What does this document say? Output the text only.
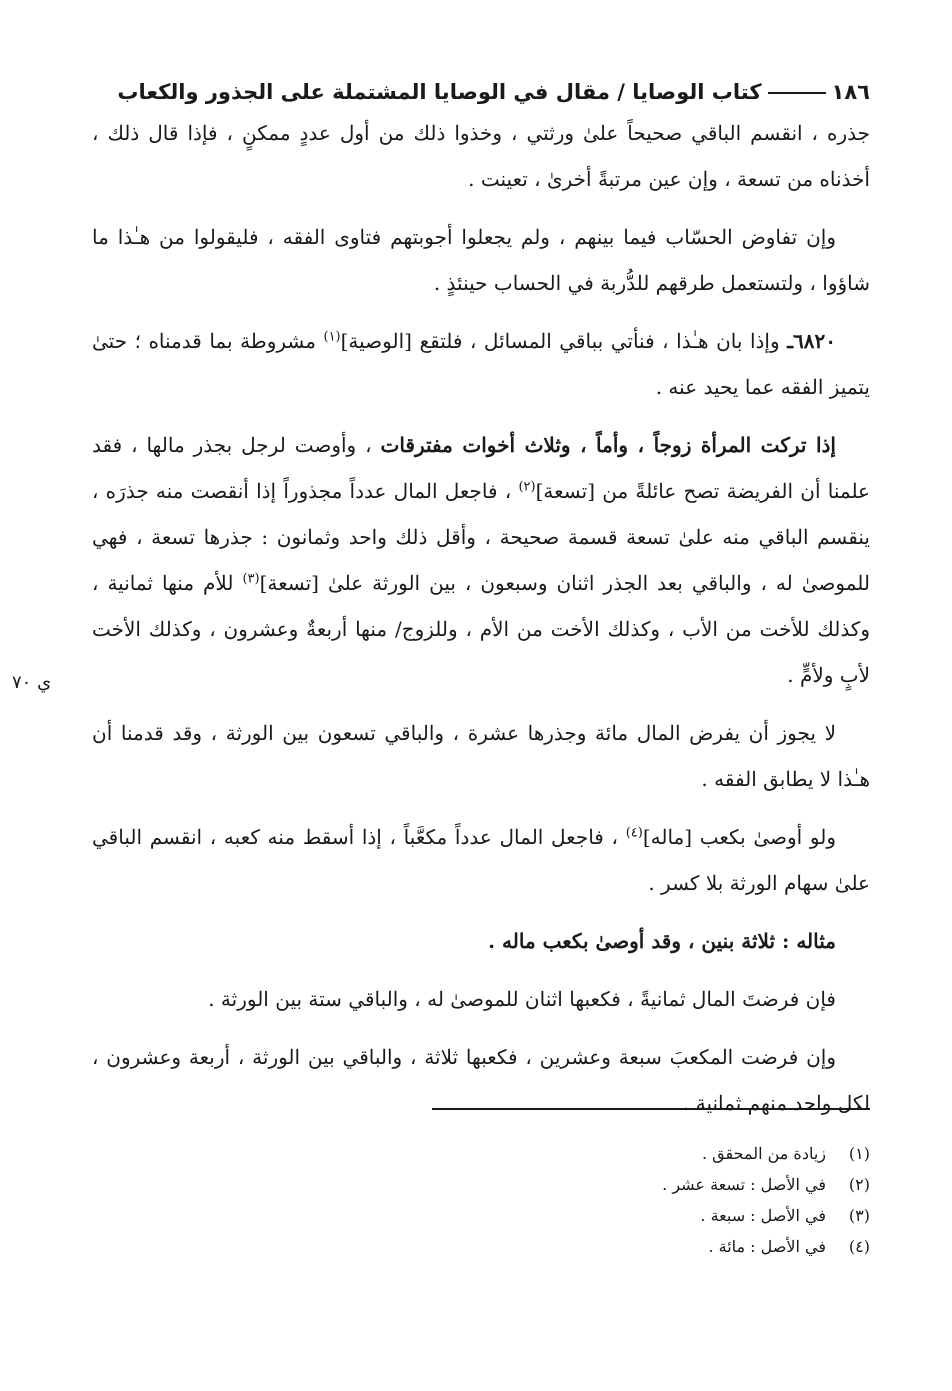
١٨٦كتاب الوصايا / مقال في الوصايا المشتملة على الجذور والكعاب

جذره ، انقسم الباقي صحيحاً علىٰ ورثتي ، وخذوا ذلك من أول عددٍ ممكنٍ ، فإذا قال ذلك ، أخذناه من تسعة ، وإن عين مرتبةً أخرىٰ ، تعينت .

وإن تفاوض الحسّاب فيما بينهم ، ولم يجعلوا أجوبتهم فتاوى الفقه ، فليقولوا من هـٰذا ما شاؤوا ، ولتستعمل طرقهم للدُّربة في الحساب حينئذٍ .

٦٨٢٠ـ وإذا بان هـٰذا ، فنأتي بباقي المسائل ، فلتقع [الوصية]$^{(١)}$ مشروطة بما قدمناه ؛ حتىٰ يتميز الفقه عما يحيد عنه .

إذا تركت المرأة زوجاً ، وأماً ، وثلاث أخوات مفترقات ، وأوصت لرجل بجذر مالها ، فقد علمنا أن الفريضة تصح عائلةً من [تسعة]$^{(٢)}$ ، فاجعل المال عدداً مجذوراً إذا أنقصت منه جذرَه ، ينقسم الباقي منه علىٰ تسعة قسمة صحيحة ، وأقل ذلك واحد وثمانون : جذرها تسعة ، فهي للموصىٰ له ، والباقي بعد الجذر اثنان وسبعون ، بين الورثة علىٰ [تسعة]$^{(٣)}$ للأم منها ثمانية ، وكذلك للأخت من الأب ، وكذلك الأخت من الأم ، وللزوج/ منها أربعةٌ وعشرون ، وكذلك الأخت لأبٍ ولأمٍّ .

لا يجوز أن يفرض المال مائة وجذرها عشرة ، والباقي تسعون بين الورثة ، وقد قدمنا أن هـٰذا لا يطابق الفقه .

ولو أوصىٰ بكعب [ماله]$^{(٤)}$ ، فاجعل المال عدداً مكعَّباً ، إذا أسقط منه كعبه ، انقسم الباقي علىٰ سهام الورثة بلا كسر .

مثاله : ثلاثة بنين ، وقد أوصىٰ بكعب ماله .

فإن فرضتَ المال ثمانيةً ، فكعبها اثنان للموصىٰ له ، والباقي ستة بين الورثة .

وإن فرضت المكعبَ سبعة وعشرين ، فكعبها ثلاثة ، والباقي بين الورثة ، أربعة وعشرون ، لكل واحد منهم ثمانية .

ي ٧٠
(١)زيادة من المحقق .
(٢)في الأصل : تسعة عشر .
(٣)في الأصل : سبعة .
(٤)في الأصل : مائة .
